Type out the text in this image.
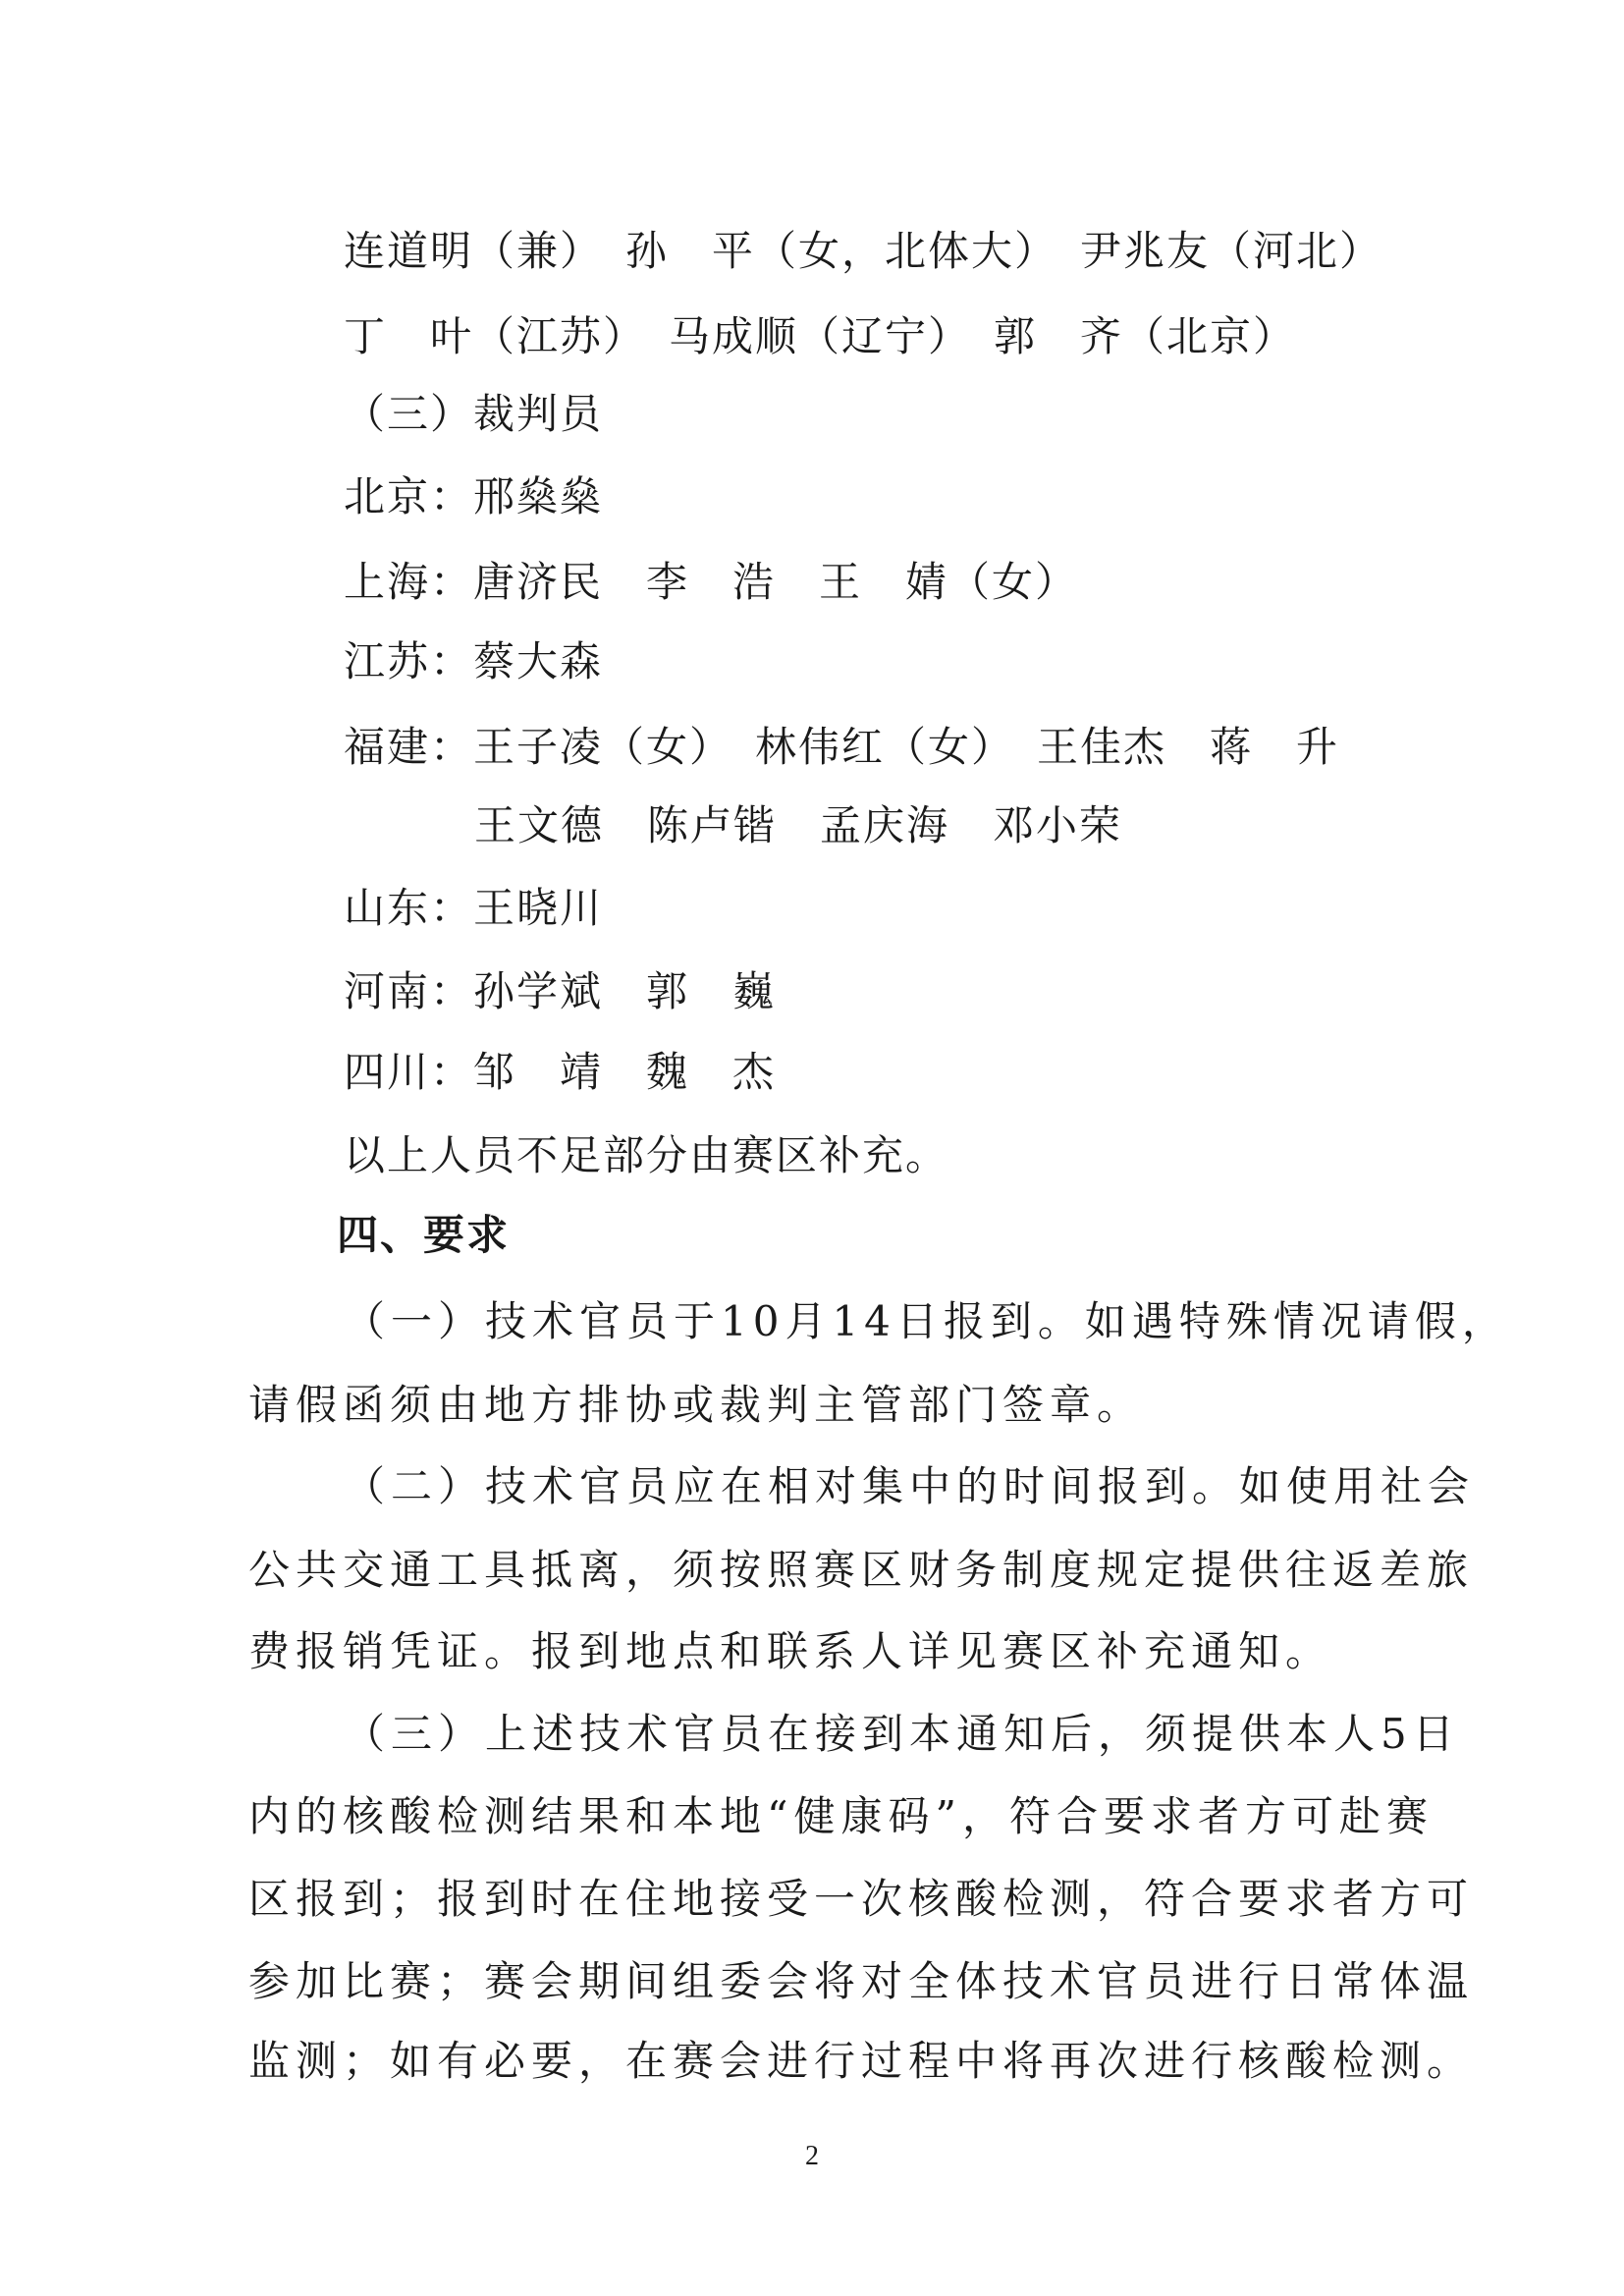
连道明（兼）　孙　平（女，北体大）　尹兆友（河北）
丁　叶（江苏）　马成顺（辽宁）　郭　齐（北京）
（三）裁判员
北京：邢燊燊
上海：唐济民　李　浩　王　婧（女）
江苏：蔡大森
福建：王子凌（女）　林伟红（女）　王佳杰　蒋　升
王文德　陈卢锴　孟庆海　邓小荣
山东：王晓川
河南：孙学斌　郭　巍
四川：邹　靖　魏　杰
以上人员不足部分由赛区补充。
四、要求
（一）技术官员于10月14日报到。如遇特殊情况请假，
请假函须由地方排协或裁判主管部门签章。
（二）技术官员应在相对集中的时间报到。如使用社会
公共交通工具抵离，须按照赛区财务制度规定提供往返差旅
费报销凭证。报到地点和联系人详见赛区补充通知。
（三）上述技术官员在接到本通知后，须提供本人5日
内的核酸检测结果和本地“健康码”，符合要求者方可赴赛
区报到；报到时在住地接受一次核酸检测，符合要求者方可
参加比赛；赛会期间组委会将对全体技术官员进行日常体温
监测；如有必要，在赛会进行过程中将再次进行核酸检测。
2
